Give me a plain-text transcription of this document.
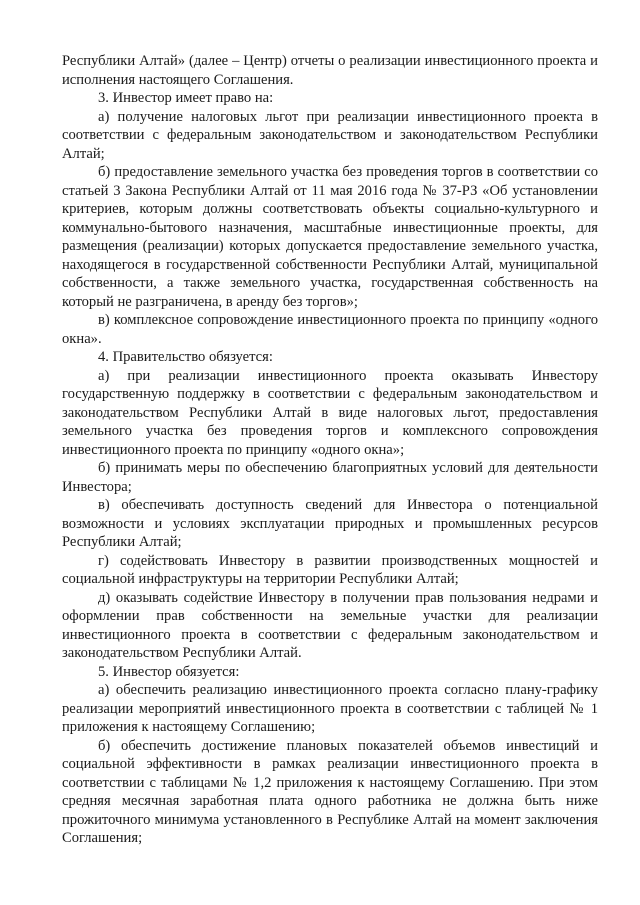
Республики Алтай» (далее – Центр) отчеты о реализации инвестиционного проекта и исполнения настоящего Соглашения.

3. Инвестор имеет право на:

а) получение налоговых льгот при реализации инвестиционного проекта в соответствии с федеральным законодательством и законодательством Республики Алтай;

б) предоставление земельного участка без проведения торгов в соответствии со статьей 3 Закона Республики Алтай от 11 мая 2016 года № 37-РЗ «Об установлении критериев, которым должны соответствовать объекты социально-культурного и коммунально-бытового назначения, масштабные инвестиционные проекты, для размещения (реализации) которых допускается предоставление земельного участка, находящегося в государственной собственности Республики Алтай, муниципальной собственности, а также земельного участка, государственная собственность на который не разграничена, в аренду без торгов»;

в) комплексное сопровождение инвестиционного проекта по принципу «одного окна».

4. Правительство обязуется:

а) при реализации инвестиционного проекта оказывать Инвестору государственную поддержку в соответствии с федеральным законодательством и законодательством Республики Алтай в виде налоговых льгот, предоставления земельного участка без проведения торгов и комплексного сопровождения инвестиционного проекта по принципу «одного окна»;

б) принимать меры по обеспечению благоприятных условий для деятельности Инвестора;

в) обеспечивать доступность сведений для Инвестора о потенциальной возможности и условиях эксплуатации природных и промышленных ресурсов Республики Алтай;

г) содействовать Инвестору в развитии производственных мощностей и социальной инфраструктуры на территории Республики Алтай;

д) оказывать содействие Инвестору в получении прав пользования недрами и оформлении прав собственности на земельные участки для реализации инвестиционного проекта в соответствии с федеральным законодательством и законодательством Республики Алтай.

5. Инвестор обязуется:

а) обеспечить реализацию инвестиционного проекта согласно плану-графику реализации мероприятий инвестиционного проекта в соответствии с таблицей № 1 приложения к настоящему Соглашению;

б) обеспечить достижение плановых показателей объемов инвестиций и социальной эффективности в рамках реализации инвестиционного проекта в соответствии с таблицами № 1,2 приложения к настоящему Соглашению. При этом средняя месячная заработная плата одного работника не должна быть ниже прожиточного минимума установленного в Республике Алтай на момент заключения Соглашения;
